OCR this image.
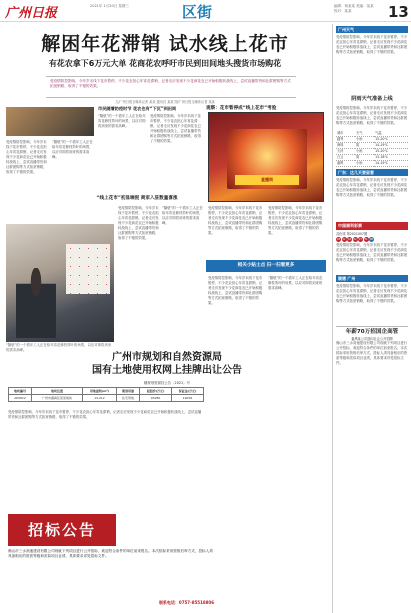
广州日报	2021年 1月20日 星期三	区街	编辑：杨某某 美编：某某 校对：某某	13
解困年花滞销 试水线上花市
有花农拿下6万元大单 花商花农呼吁市民到田间地头搜货市场购花
受疫情防控影响，今年岁末线下花市暂停，不少花农担心年宵花滞销，记者走访发现不少花商花农已开始积极转战线上，尝试直播带货和社群团购等方式拓宽销路，取得了不错的效果。
文/广州日报全媒体记者 某某 通讯员 某某 图/广州日报全媒体记者 某某
市民随着防疫时节 花农也有“下沉”到田间	观察：花市暂停成“线上花市”考验
受疫情防控影响，今年岁末线下花市暂停，不少花农担心年宵花滞销，记者走访发现不少花商花农已开始积极转战线上，尝试直播带货和社群团购等方式拓宽销路，取得了不错的效果。
“隔壁”的一个看年工人正在给年宵花修枝剪叶的场景，以应对即将到来的需求高峰。
受疫情防控影响，今年岁末线下花市暂停，不少花农担心年宵花滞销，记者走访发现不少花商花农已开始积极转战线上，尝试直播带货和社群团购等方式拓宽销路，取得了不错的效果。
“隔壁”的一个看年工人正在给年宵花修枝剪叶的场景，以应对即将到来的需求高峰。
直播间
“线上花市”初显端倪 商家入驻数量喜涨
“隔壁”的一个看年工人正在给年宵花修枝剪叶的场景，以应对即将到来的需求高峰。
受疫情防控影响，今年岁末线下花市暂停，不少花农担心年宵花滞销，记者走访发现不少花商花农已开始积极转战线上，尝试直播带货和社群团购等方式拓宽销路，取得了不错的效果。
“隔壁”的一个看年工人正在给年宵花修枝剪叶的场景，以应对即将到来的需求高峰。
受疫情防控影响，今年岁末线下花市暂停，不少花农担心年宵花滞销，记者走访发现不少花商花农已开始积极转战线上，尝试直播带货和社群团购等方式拓宽销路，取得了不错的效果。
受疫情防控影响，今年岁末线下花市暂停，不少花农担心年宵花滞销，记者走访发现不少花商花农已开始积极转战线上，尝试直播带货和社群团购等方式拓宽销路，取得了不错的效果。
相关小贴士点 扫一扫看更多
受疫情防控影响，今年岁末线下花市暂停，不少花农担心年宵花滞销，记者走访发现不少花商花农已开始积极转战线上，尝试直播带货和社群团购等方式拓宽销路，取得了不错的效果。
“隔壁”的一个看年工人正在给年宵花修枝剪叶的场景，以应对即将到来的需求高峰。
广州市规划和自然资源局
国有土地使用权网上挂牌出让公告
穗规划资源挂公告〔2021〕号
地块编号	地块位置	用地面积(m²)	规划用途	起始价(万元)	保证金(万元)
AP0812	广州市番禺区某某地块	14,212	住宅用地	95280	19056
受疫情防控影响，今年岁末线下花市暂停，不少花农担心年宵花滞销，记者走访发现不少花商花农已开始积极转战线上，尝试直播带货和社群团购等方式拓宽销路，取得了不错的效果。
招标公告
佛山市三水高速建设有限公司现就下列项目进行公开招标，欢迎符合条件的单位前来报名。本次招标采用资格后审方式，投标人须具备相应的资质等级和类似项目业绩，具体要求详见招标文件。
联系电话：0757-85518806
广州天气
受疫情防控影响，今年岁末线下花市暂停，不少花农担心年宵花滞销，记者走访发现不少花商花农已开始积极转战线上，尝试直播带货和社群团购等方式拓宽销路，取得了不错的效果。
阴雨天气准备上线
受疫情防控影响，今年岁末线下花市暂停，不少花农担心年宵花滞销，记者走访发现不少花商花农已开始积极转战线上，尝试直播带货和社群团购等方式拓宽销路，取得了不错的效果。
城市	天气	气温
越秀	小雨	15-20℃
海珠	阴	14-19℃
天河	小雨	15-20℃
白云	阴	13-18℃
番禺	小雨	14-19℃
广东：这几天要留意
受疫情防控影响，今年岁末线下花市暂停，不少花农担心年宵花滞销，记者走访发现不少花商花农已开始积极转战线上，尝试直播带货和社群团购等方式拓宽销路，取得了不错的效果。
中国福利彩票
双色球 第2021007期
03 11 16 22 27 31 08
受疫情防控影响，今年岁末线下花市暂停，不少花农担心年宵花滞销，记者走访发现不少花商花农已开始积极转战线上，尝试直播带货和社群团购等方式拓宽销路，取得了不错的效果。
顺德 广州
受疫情防控影响，今年岁末线下花市暂停，不少花农担心年宵花滞销，记者走访发现不少花商花农已开始积极转战线上，尝试直播带货和社群团购等方式拓宽销路，取得了不错的效果。
年薪70万招国企高管
番禺某公司面向社会公开招聘
佛山市三水高速建设有限公司现就下列项目进行公开招标，欢迎符合条件的单位前来报名。本次招标采用资格后审方式，投标人须具备相应的资质等级和类似项目业绩，具体要求详见招标文件。
